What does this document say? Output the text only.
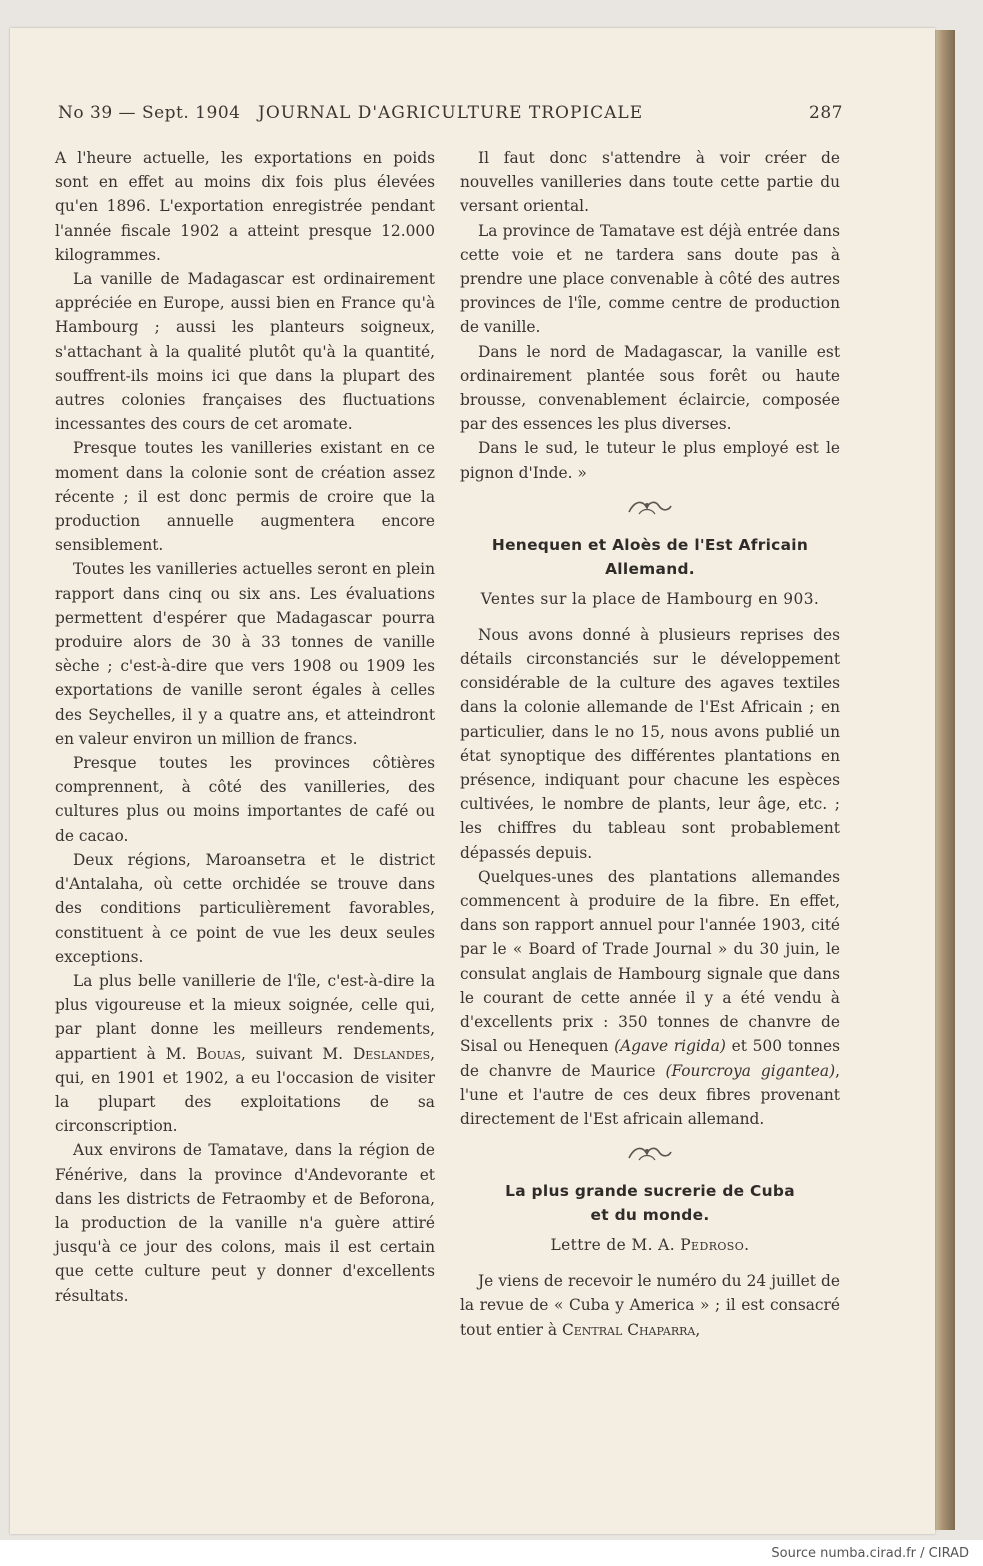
No 39 — Sept. 1904 JOURNAL D'AGRICULTURE TROPICALE	287

A l'heure actuelle, les exportations en poids sont en effet au moins dix fois plus élevées qu'en 1896. L'exportation enregistrée pendant l'année fiscale 1902 a atteint presque 12.000 kilogrammes.

La vanille de Madagascar est ordinairement appréciée en Europe, aussi bien en France qu'à Hambourg ; aussi les planteurs soigneux, s'attachant à la qualité plutôt qu'à la quantité, souffrent-ils moins ici que dans la plupart des autres colonies françaises des fluctuations incessantes des cours de cet aromate.

Presque toutes les vanilleries existant en ce moment dans la colonie sont de création assez récente ; il est donc permis de croire que la production annuelle augmentera encore sensiblement.

Toutes les vanilleries actuelles seront en plein rapport dans cinq ou six ans. Les évaluations permettent d'espérer que Madagascar pourra produire alors de 30 à 33 tonnes de vanille sèche ; c'est-à-dire que vers 1908 ou 1909 les exportations de vanille seront égales à celles des Seychelles, il y a quatre ans, et atteindront en valeur environ un million de francs.

Presque toutes les provinces côtières comprennent, à côté des vanilleries, des cultures plus ou moins importantes de café ou de cacao.

Deux régions, Maroansetra et le district d'Antalaha, où cette orchidée se trouve dans des conditions particulièrement favorables, constituent à ce point de vue les deux seules exceptions.

La plus belle vanillerie de l'île, c'est-à-dire la plus vigoureuse et la mieux soignée, celle qui, par plant donne les meilleurs rendements, appartient à M. Bouas, suivant M. Deslandes, qui, en 1901 et 1902, a eu l'occasion de visiter la plupart des exploitations de sa circonscription.

Aux environs de Tamatave, dans la région de Fénérive, dans la province d'Andevorante et dans les districts de Fetraomby et de Beforona, la production de la vanille n'a guère attiré jusqu'à ce jour des colons, mais il est certain que cette culture peut y donner d'excellents résultats.

Il faut donc s'attendre à voir créer de nouvelles vanilleries dans toute cette partie du versant oriental.

La province de Tamatave est déjà entrée dans cette voie et ne tardera sans doute pas à prendre une place convenable à côté des autres provinces de l'île, comme centre de production de vanille.

Dans le nord de Madagascar, la vanille est ordinairement plantée sous forêt ou haute brousse, convenablement éclaircie, composée par des essences les plus diverses.

Dans le sud, le tuteur le plus employé est le pignon d'Inde. »

Henequen et Aloès de l'Est Africain
Allemand.
Ventes sur la place de Hambourg en 903.

Nous avons donné à plusieurs reprises des détails circonstanciés sur le développement considérable de la culture des agaves textiles dans la colonie allemande de l'Est Africain ; en particulier, dans le no 15, nous avons publié un état synoptique des différentes plantations en présence, indiquant pour chacune les espèces cultivées, le nombre de plants, leur âge, etc. ; les chiffres du tableau sont probablement dépassés depuis.

Quelques-unes des plantations allemandes commencent à produire de la fibre. En effet, dans son rapport annuel pour l'année 1903, cité par le « Board of Trade Journal » du 30 juin, le consulat anglais de Hambourg signale que dans le courant de cette année il y a été vendu à d'excellents prix : 350 tonnes de chanvre de Sisal ou Henequen (Agave rigida) et 500 tonnes de chanvre de Maurice (Fourcroya gigantea), l'une et l'autre de ces deux fibres provenant directement de l'Est africain allemand.

La plus grande sucrerie de Cuba
et du monde.
Lettre de M. A. Pedroso.

Je viens de recevoir le numéro du 24 juillet de la revue de « Cuba y America » ; il est consacré tout entier à Central Chaparra,

Source numba.cirad.fr / CIRAD
